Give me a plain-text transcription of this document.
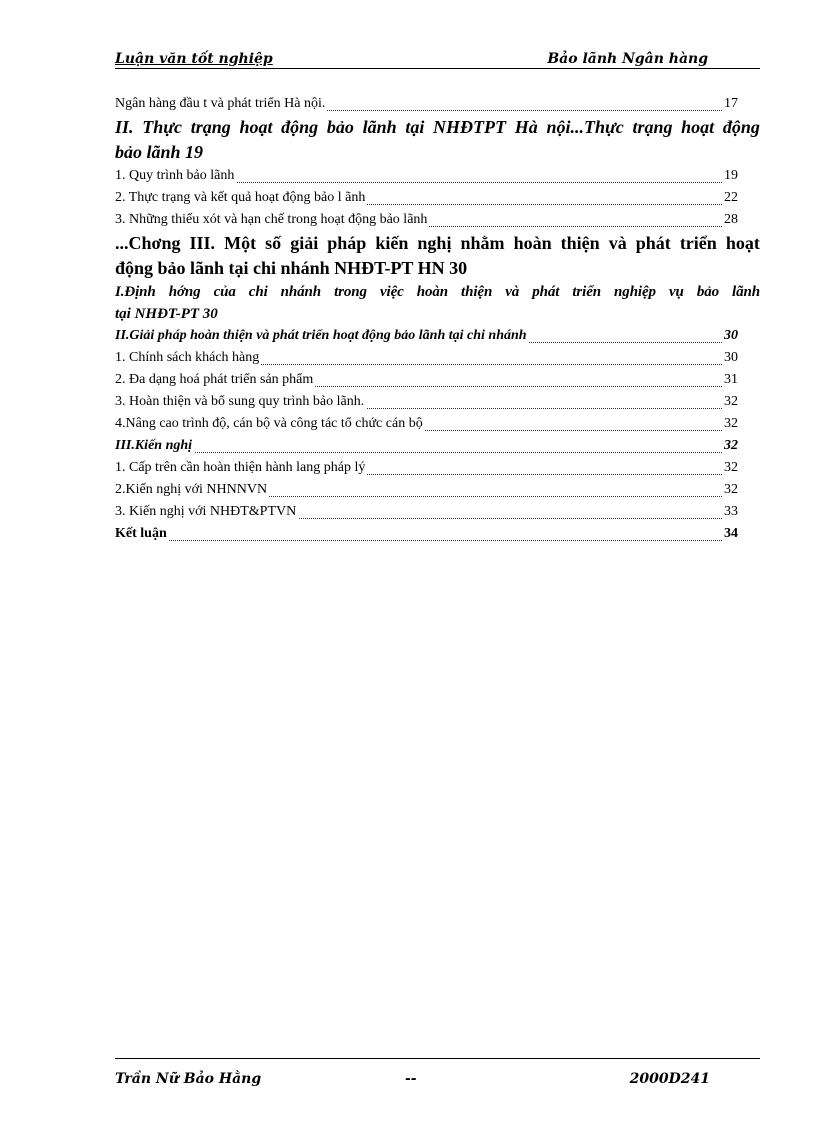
Luận văn tốt nghiệp	Bảo lãnh Ngân hàng
Ngân hàng đầu t và phát triển Hà nội.	17
II. Thực trạng hoạt động bảo lãnh tại NHĐTPT Hà nội...Thực trạng hoạt động
bảo lãnh 19
1. Quy trình bảo lãnh	19
2. Thực trạng và kết quả hoạt động bảo l ãnh	22
3. Những thiếu xót và hạn chế trong hoạt động bảo lãnh	28
...Chơng III. Một số giải pháp kiến nghị nhằm hoàn thiện và phát triển hoạt
động bảo lãnh tại chi nhánh NHĐT-PT HN 30
I.Định hớng của chi nhánh trong việc hoàn thiện và phát triển nghiệp vụ bảo lãnh
tại NHĐT-PT 30
II.Giải pháp hoàn thiện và phát triển hoạt động bảo lãnh tại chi nhánh	30
1. Chính sách khách hàng	30
2. Đa dạng hoá phát triển sản phẩm	31
3. Hoàn thiện và bổ sung quy trình bảo lãnh.	32
4.Nâng cao trình độ, cán bộ và công tác tổ chức cán bộ	32
III.Kiến nghị	32
1. Cấp trên cần hoàn thiện hành lang pháp lý	32
2.Kiến nghị với NHNNVN	32
3. Kiến nghị với NHĐT&PTVN	33
Kết luận	34
Trần Nữ Bảo Hằng	--	2000D241
